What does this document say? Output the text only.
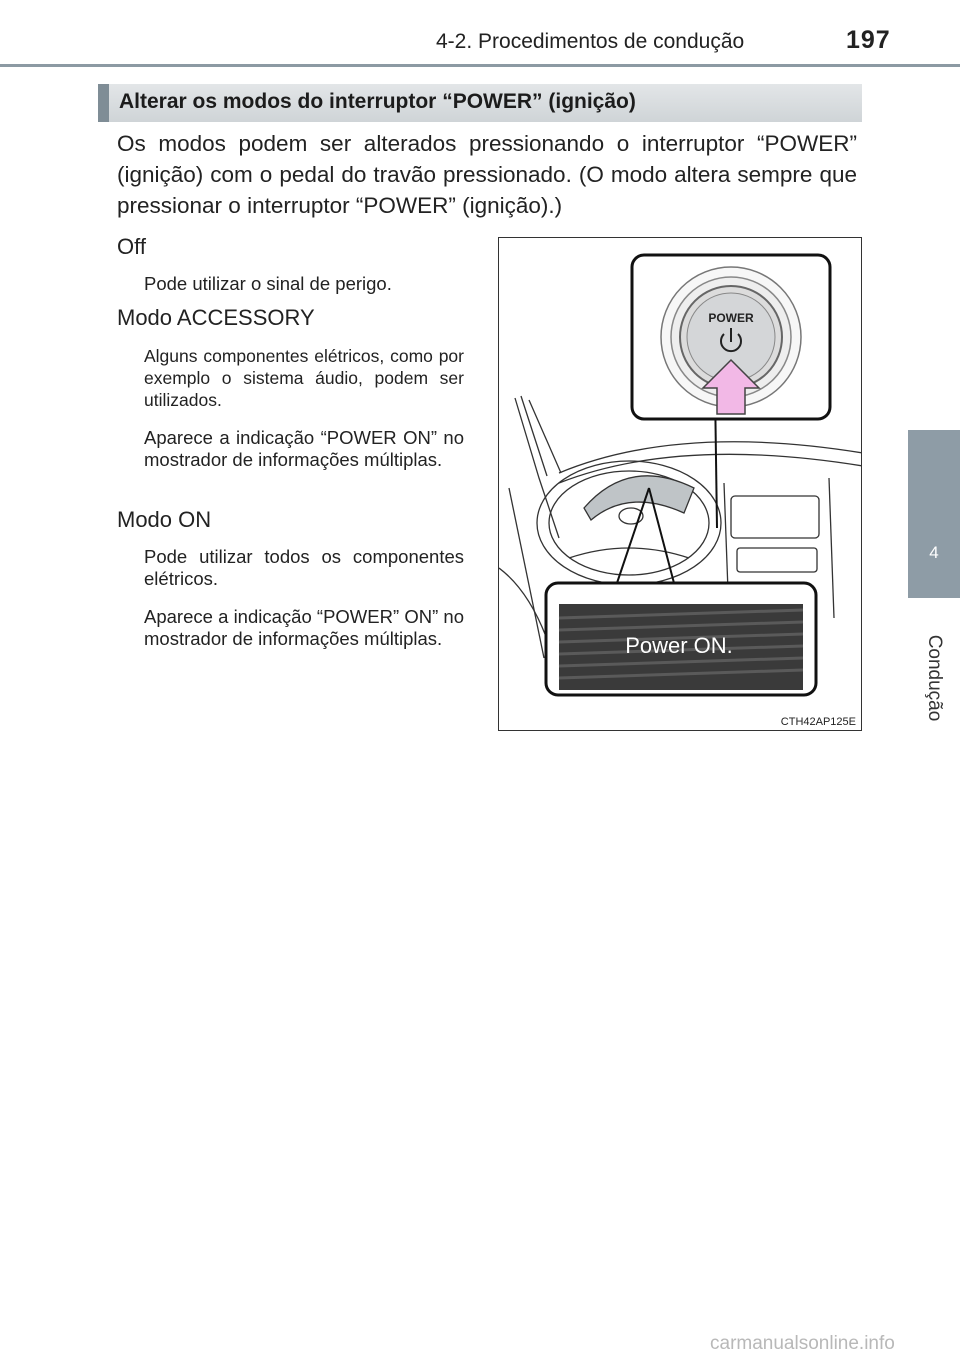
4-2. Procedimentos de condução	197
4
Condução
Alterar os modos do interruptor “POWER” (ignição)
Os modos podem ser alterados pressionando o interruptor “POWER” (ignição) com o pedal do travão pressionado. (O modo altera sempre que pressionar o interruptor “POWER” (ignição).)
Off
Pode utilizar o sinal de perigo.
Modo ACCESSORY
Alguns componentes elétricos, como por exemplo o sistema áudio, podem ser utilizados.
Aparece a indicação “POWER ON” no mostrador de informações múltiplas.
Modo ON
Pode utilizar todos os componentes elétricos.
Aparece a indicação “POWER” ON” no mostrador de informações múltiplas.
POWER
Power ON.
CTH42AP125E
carmanualsonline.info
